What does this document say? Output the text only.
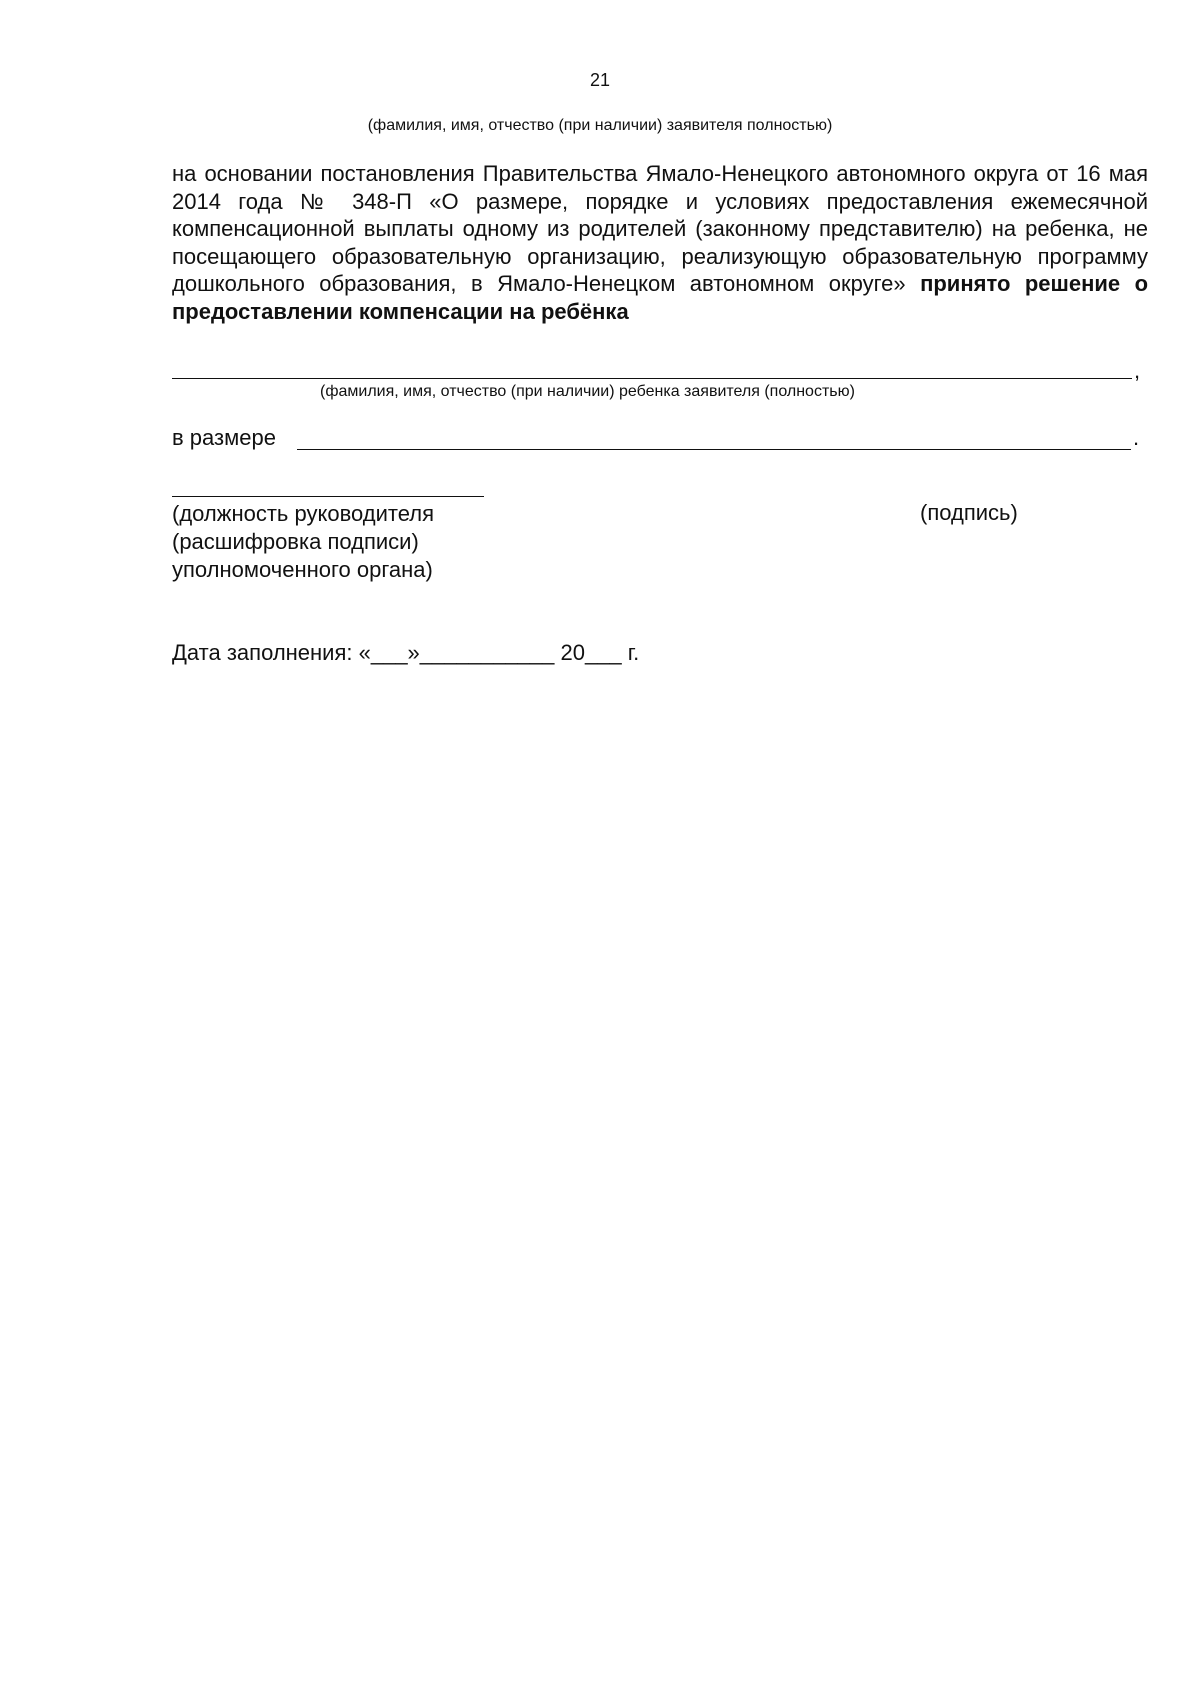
21
(фамилия, имя, отчество (при наличии) заявителя полностью)

на основании постановления Правительства Ямало-Ненецкого автономного округа от 16 мая 2014 года № 348-П «О размере, порядке и условиях предоставления ежемесячной компенсационной выплаты одному из родителей (законному представителю) на ребенка, не посещающего образовательную организацию, реализующую образовательную программу дошкольного образования, в Ямало-Ненецком автономном округе» принято решение о предоставлении компенсации на ребёнка

,
(фамилия, имя, отчество (при наличии) ребенка заявителя (полностью)
в размере	.
(должность руководителя
(расшифровка подписи)
уполномоченного органа)
(подпись)
Дата заполнения: «___»___________ 20___ г.
